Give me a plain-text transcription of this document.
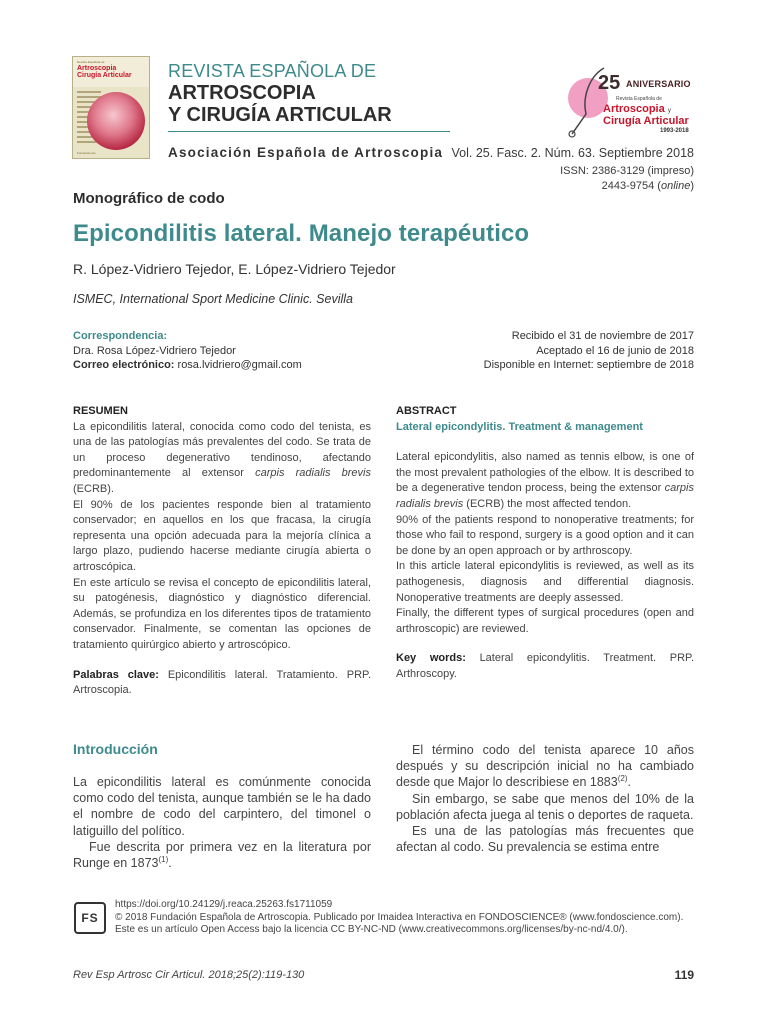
Revista Española de
Artroscopia
Cirugía Articular
Fondoscience
REVISTA ESPAÑOLA DE
ARTROSCOPIA
Y CIRUGÍA ARTICULAR
Asociación Española de Artroscopia
25 ANIVERSARIO
Revista Española de
Artroscopia y
Cirugía Articular
1993-2018
Vol. 25. Fasc. 2. Núm. 63. Septiembre 2018
ISSN: 2386-3129 (impreso)
2443-9754 (online)
Monográfico de codo
Epicondilitis lateral. Manejo terapéutico
R. López-Vidriero Tejedor, E. López-Vidriero Tejedor
ISMEC, International Sport Medicine Clinic. Sevilla
Correspondencia:
Dra. Rosa López-Vidriero Tejedor
Correo electrónico: rosa.lvidriero@gmail.com
Recibido el 31 de noviembre de 2017
Aceptado el 16 de junio de 2018
Disponible en Internet: septiembre de 2018
RESUMEN

La epicondilitis lateral, conocida como codo del tenista, es una de las patologías más prevalentes del codo. Se trata de un proceso degenerativo tendinoso, afectando predominantemente al extensor carpis radialis brevis (ECRB).

El 90% de los pacientes responde bien al tratamiento conservador; en aquellos en los que fracasa, la cirugía representa una opción adecuada para la mejoría clínica a largo plazo, pudiendo hacerse mediante cirugía abierta o artroscópica.

En este artículo se revisa el concepto de epicondilitis lateral, su patogénesis, diagnóstico y diagnóstico diferencial. Además, se profundiza en los diferentes tipos de tratamiento conservador. Finalmente, se comentan las opciones de tratamiento quirúrgico abierto y artroscópico.

Palabras clave: Epicondilitis lateral. Tratamiento. PRP. Artroscopia.

ABSTRACT
Lateral epicondylitis. Treatment & management

Lateral epicondylitis, also named as tennis elbow, is one of the most prevalent pathologies of the elbow. It is described to be a degenerative tendon process, being the extensor carpis radialis brevis (ECRB) the most affected tendon.

90% of the patients respond to nonoperative treatments; for those who fail to respond, surgery is a good option and it can be done by an open approach or by arthroscopy.

In this article lateral epicondylitis is reviewed, as well as its pathogenesis, diagnosis and differential diagnosis. Nonoperative treatments are deeply assessed.

Finally, the different types of surgical procedures (open and arthroscopic) are reviewed.

Key words: Lateral epicondylitis. Treatment. PRP. Arthroscopy.

Introducción

La epicondilitis lateral es comúnmente conocida como codo del tenista, aunque también se le ha dado el nombre de codo del carpintero, del timonel o latiguillo del político.

Fue descrita por primera vez en la literatura por Runge en 1873$^{(1)}$.

El término codo del tenista aparece 10 años después y su descripción inicial no ha cambiado desde que Major lo describiese en 1883$^{(2)}$.

Sin embargo, se sabe que menos del 10% de la población afecta juega al tenis o deportes de raqueta.

Es una de las patologías más frecuentes que afectan al codo. Su prevalencia se estima entre

FS
https://doi.org/10.24129/j.reaca.25263.fs1711059
© 2018 Fundación Española de Artroscopia. Publicado por Imaidea Interactiva en FONDOSCIENCE® (www.fondoscience.com).
Este es un artículo Open Access bajo la licencia CC BY-NC-ND (www.creativecommons.org/licenses/by-nc-nd/4.0/).
Rev Esp Artrosc Cir Articul. 2018;25(2):119-130	119
